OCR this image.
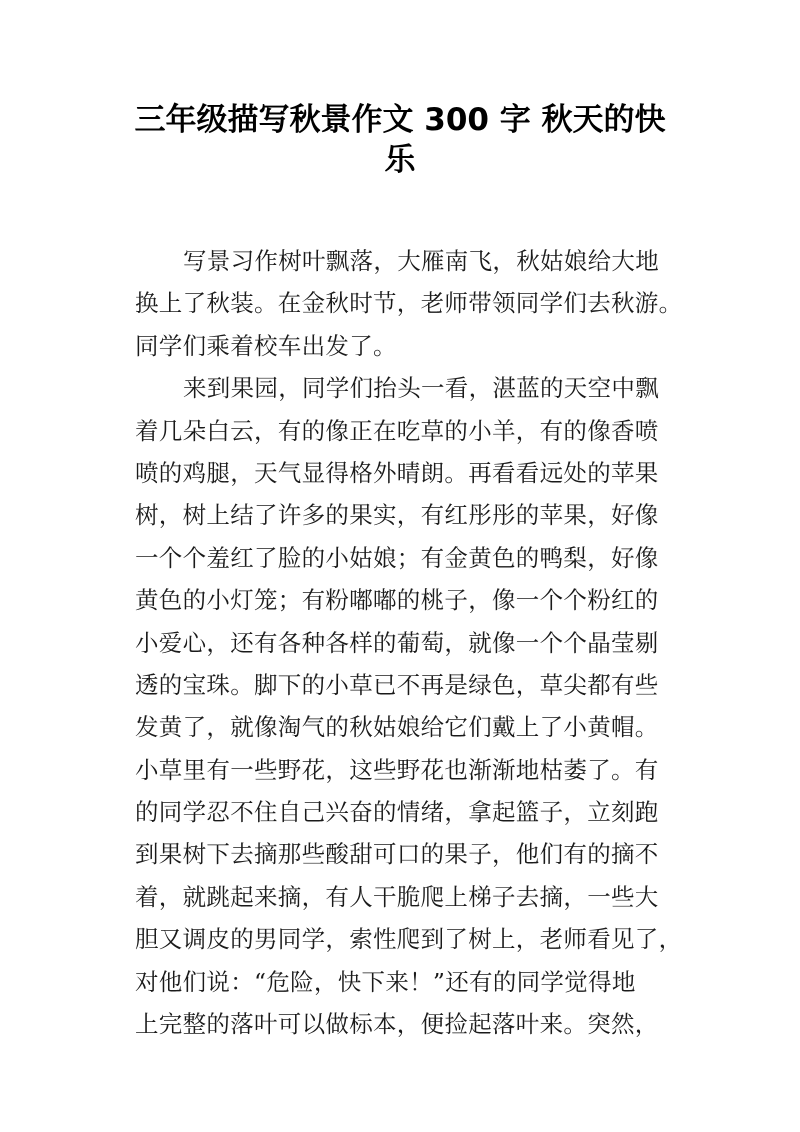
三年级描写秋景作文 300 字 秋天的快
乐
写景习作树叶飘落，大雁南飞，秋姑娘给大地
换上了秋装。在金秋时节，老师带领同学们去秋游。
同学们乘着校车出发了。
来到果园，同学们抬头一看，湛蓝的天空中飘
着几朵白云，有的像正在吃草的小羊，有的像香喷
喷的鸡腿，天气显得格外晴朗。再看看远处的苹果
树，树上结了许多的果实，有红彤彤的苹果，好像
一个个羞红了脸的小姑娘；有金黄色的鸭梨，好像
黄色的小灯笼；有粉嘟嘟的桃子，像一个个粉红的
小爱心，还有各种各样的葡萄，就像一个个晶莹剔
透的宝珠。脚下的小草已不再是绿色，草尖都有些
发黄了，就像淘气的秋姑娘给它们戴上了小黄帽。
小草里有一些野花，这些野花也渐渐地枯萎了。有
的同学忍不住自己兴奋的情绪，拿起篮子，立刻跑
到果树下去摘那些酸甜可口的果子，他们有的摘不
着，就跳起来摘，有人干脆爬上梯子去摘，一些大
胆又调皮的男同学，索性爬到了树上，老师看见了，
对他们说：“危险，快下来！”还有的同学觉得地
上完整的落叶可以做标本，便捡起落叶来。突然，
